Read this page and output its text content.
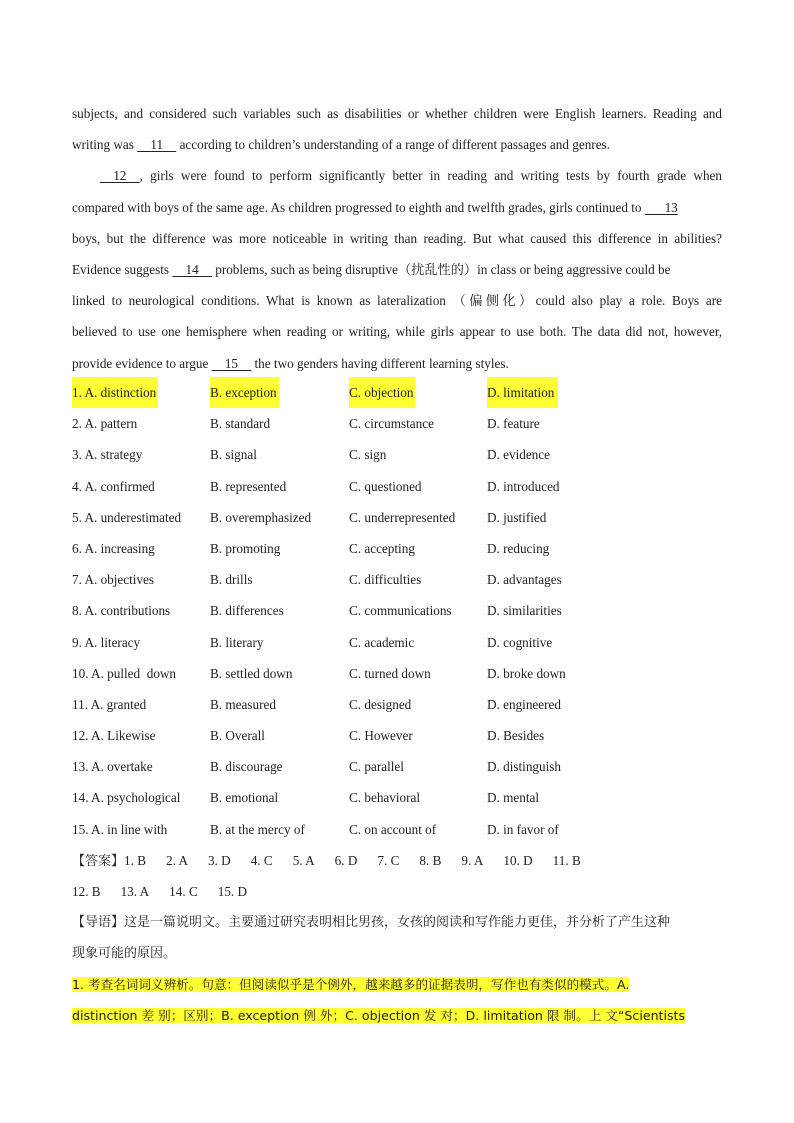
subjects, and considered such variables such as disabilities or whether children were English learners. Reading and
writing was     11     according to children’s understanding of a range of different passages and genres.
12    , girls were found to perform significantly better in reading and writing tests by fourth grade when
compared with boys of the same age. As children progressed to eighth and twelfth grades, girls continued to       13
boys, but the difference was more noticeable in writing than reading. But what caused this difference in abilities?
Evidence suggests     14     problems, such as being disruptive（扰乱性的）in class or being aggressive could be
linked to neurological conditions. What is known as lateralization （偏侧化）could also play a role. Boys are
believed to use one hemisphere when reading or writing, while girls appear to use both. The data did not, however,
provide evidence to argue     15     the two genders having different learning styles.
1. A. distinction	B. exception	C. objection	D. limitation
2. A. pattern	B. standard	C. circumstance	D. feature
3. A. strategy	B. signal	C. sign	D. evidence
4. A. confirmed	B. represented	C. questioned	D. introduced
5. A. underestimated B. overemphasized	C. underrepresented D. justified
6. A. increasing	B. promoting	C. accepting	D. reducing
7. A. objectives	B. drills	C. difficulties	D. advantages
8. A. contributions	B. differences	C. communications	D. similarities
9. A. literacy	B. literary	C. academic	D. cognitive
10. A. pulled  down	B. settled down	C. turned down	D. broke down
11. A. granted	B. measured	C. designed	D. engineered
12. A. Likewise	B. Overall	C. However	D. Besides
13. A. overtake	B. discourage	C. parallel	D. distinguish
14. A. psychological B. emotional	C. behavioral	D. mental
15. A. in line with	B. at the mercy of	C. on account of	D. in favor of
【答案】1. B 2. A 3. D 4. C 5. A 6. D 7. C 8. B 9. A 10. D 11. B
12. B 13. A 14. C 15. D
【导语】这是一篇说明文。主要通过研究表明相比男孩，女孩的阅读和写作能力更佳，并分析了产生这种
现象可能的原因。
1. 考查名词词义辨析。句意：但阅读似乎是个例外，越来越多的证据表明，写作也有类似的模式。A.
distinction 差 别；区别；B. exception 例 外；C. objection 发 对；D. limitation 限 制。上 文“Scientists
